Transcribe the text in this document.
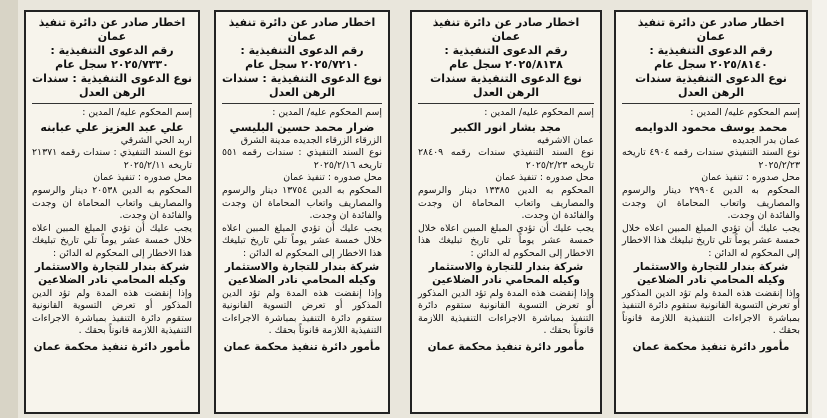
اخطار صادر عن دائرة تنفيذ عمان
رقم الدعوى التنفيذية :
٢٠٢٥/٧٣٣٠ سجل عام
نوع الدعوى التنفيذية : سندات الرهن العدل
إسم المحكوم عليه/ المدين :
علي عبد العزيز علي عبابنه
اربد الحي الشرقي
نوع السند التنفيذي : سندات رقمه ٢١٣٧١ تاريخه ٢٠٢٥/٢/١١
محل صدوره : تنفيذ عمان
المحكوم به الدين ٢٠٥٣٨ دينار والرسوم والمصاريف واتعاب المحاماة ان وجدت والفائدة ان وجدت.
يجب عليك أن تؤدي المبلغ المبين اعلاه خلال خمسة عشر يوماً تلي تاريخ تبليغك هذا الاخطار إلى المحكوم له الدائن :
شركة بندار للتجارة والاستثمار
وكيله المحامي نادر الضلاعين
وإذا إنقضت هذه المدة ولم تؤد الدين المذكور أو تعرض التسوية القانونية ستقوم دائرة التنفيذ بمباشرة الاجراءات التنفيذية اللازمة قانوناً بحقك .
مأمور دائرة تنفيذ محكمة عمان
اخطار صادر عن دائرة تنفيذ عمان
رقم الدعوى التنفيذية :
٢٠٢٥/٧٢١٠ سجل عام
نوع الدعوى التنفيذية : سندات الرهن العدل
إسم المحكوم عليه/ المدين :
ضرار محمد حسين البليسي
الزرقاء الزرقاء الجديده مدينة الشرق
نوع السند التنفيذي : سندات رقمه ٥٥١ تاريخه ٢٠٢٥/٢/١٦
محل صدوره : تنفيذ عمان
المحكوم به الدين ١٣٧٥٤ دينار والرسوم والمصاريف واتعاب المحاماة ان وجدت والفائدة ان وجدت.
يجب عليك أن تؤدي المبلغ المبين اعلاه خلال خمسة عشر يوماً تلي تاريخ تبليغك هذا الاخطار إلى المحكوم له الدائن :
شركة بندار للتجارة والاستثمار
وكيله المحامي نادر الضلاعين
وإذا إنقضت هذه المدة ولم تؤد الدين المذكور أو تعرض التسوية القانونية ستقوم دائرة التنفيذ بمباشرة الاجراءات التنفيذية اللازمة قانوناً بحقك .
مأمور دائرة تنفيذ محكمة عمان
اخطار صادر عن دائرة تنفيذ عمان
رقم الدعوى التنفيذية :
٢٠٢٥/٨١٣٨ سجل عام
نوع الدعوى التنفيذية سندات الرهن العدل
إسم المحكوم عليه/ المدين :
مجد بشار انور الكبير
عمان الاشرفيه
نوع السند التنفيذي سندات رقمه ٢٨٤٠٩ تاريخه ٢٠٢٥/٢/٢٣
محل صدوره : تنفيذ عمان
المحكوم به الدين ١٣٣٨٥ دينار والرسوم والمصاريف واتعاب المحاماة ان وجدت والفائدة ان وجدت.
يجب عليك أن تؤدي المبلغ المبين اعلاه خلال خمسة عشر يوماً تلي تاريخ تبليغك هذا الاخطار إلى المحكوم له الدائن :
شركة بندار للتجارة والاستثمار
وكيله المحامي نادر الضلاعين
وإذا إنقضت هذه المدة ولم تؤد الدين المذكور أو تعرض التسوية القانونية ستقوم دائرة التنفيذ بمباشرة الاجراءات التنفيذية اللازمة قانوناً بحقك .
مأمور دائرة تنفيذ محكمة عمان
اخطار صادر عن دائرة تنفيذ عمان
رقم الدعوى التنفيذية :
٢٠٢٥/٨١٤٠ سجل عام
نوع الدعوى التنفيذية سندات الرهن العدل
إسم المحكوم عليه/ المدين :
محمد يوسف محمود الدوايمه
عمان بدر الجديده
نوع السند التنفيذي سندات رقمه ٤٩٠٤ تاريخه ٢٠٢٥/٢/٢٣
محل صدوره : تنفيذ عمان
المحكوم به الدين ٢٩٩٠٤ دينار والرسوم والمصاريف واتعاب المحاماة ان وجدت والفائدة ان وجدت.
يجب عليك أن تؤدي المبلغ المبين اعلاه خلال خمسة عشر يوماً تلي تاريخ تبليغك هذا الاخطار إلى المحكوم له الدائن :
شركة بندار للتجارة والاستثمار
وكيله المحامي نادر الضلاعين
وإذا إنقضت هذه المدة ولم تؤد الدين المذكور أو تعرض التسوية القانونية ستقوم دائرة التنفيذ بمباشرة الاجراءات التنفيذية اللازمة قانوناً بحقك .
مأمور دائرة تنفيذ محكمة عمان
